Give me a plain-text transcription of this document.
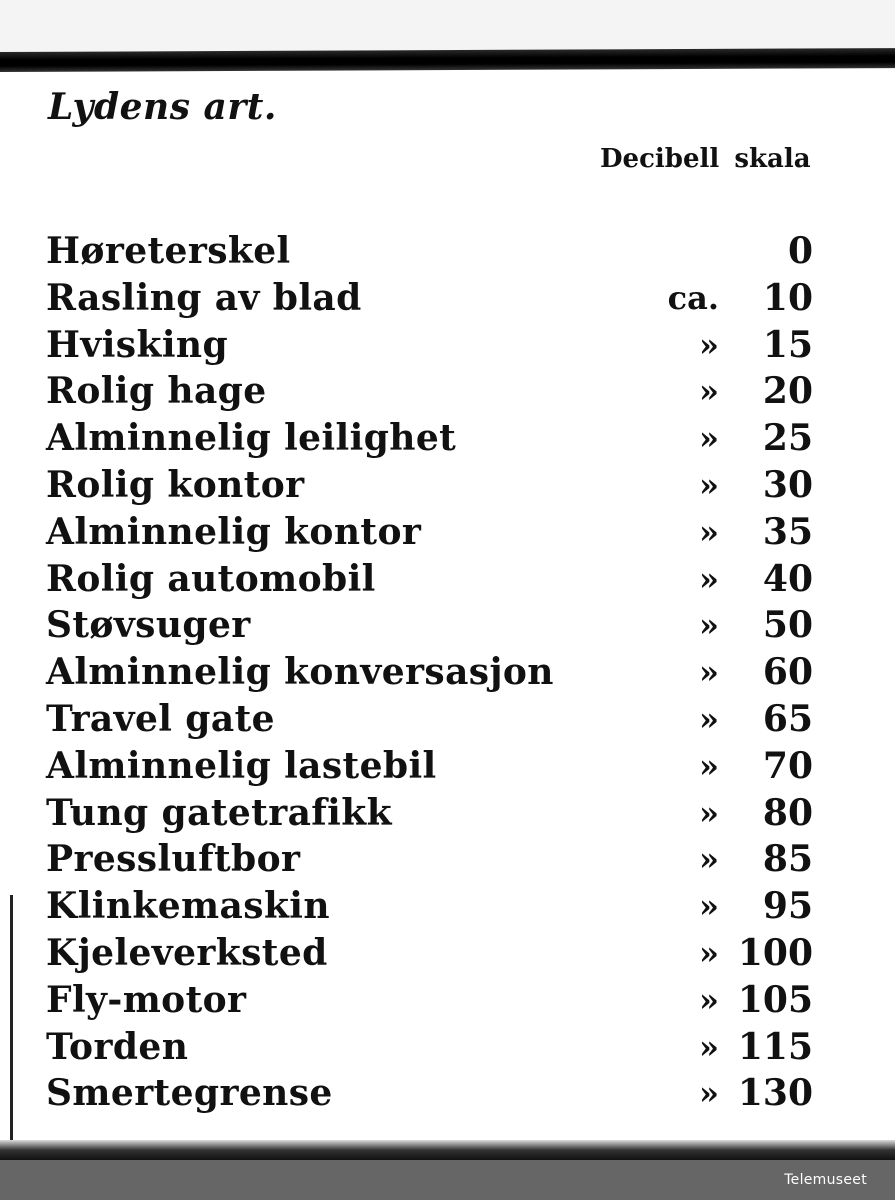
Lydens art.
Decibell skala
Høreterskel	0
Rasling av blad	ca. 10
Hvisking	» 15
Rolig hage	» 20
Alminnelig leilighet	» 25
Rolig kontor	» 30
Alminnelig kontor	» 35
Rolig automobil	» 40
Støvsuger	» 50
Alminnelig konversasjon	» 60
Travel gate	» 65
Alminnelig lastebil	» 70
Tung gatetrafikk	» 80
Pressluftbor	» 85
Klinkemaskin	» 95
Kjeleverksted	» 100
Fly-motor	» 105
Torden	» 115
Smertegrense	» 130
Telemuseet
